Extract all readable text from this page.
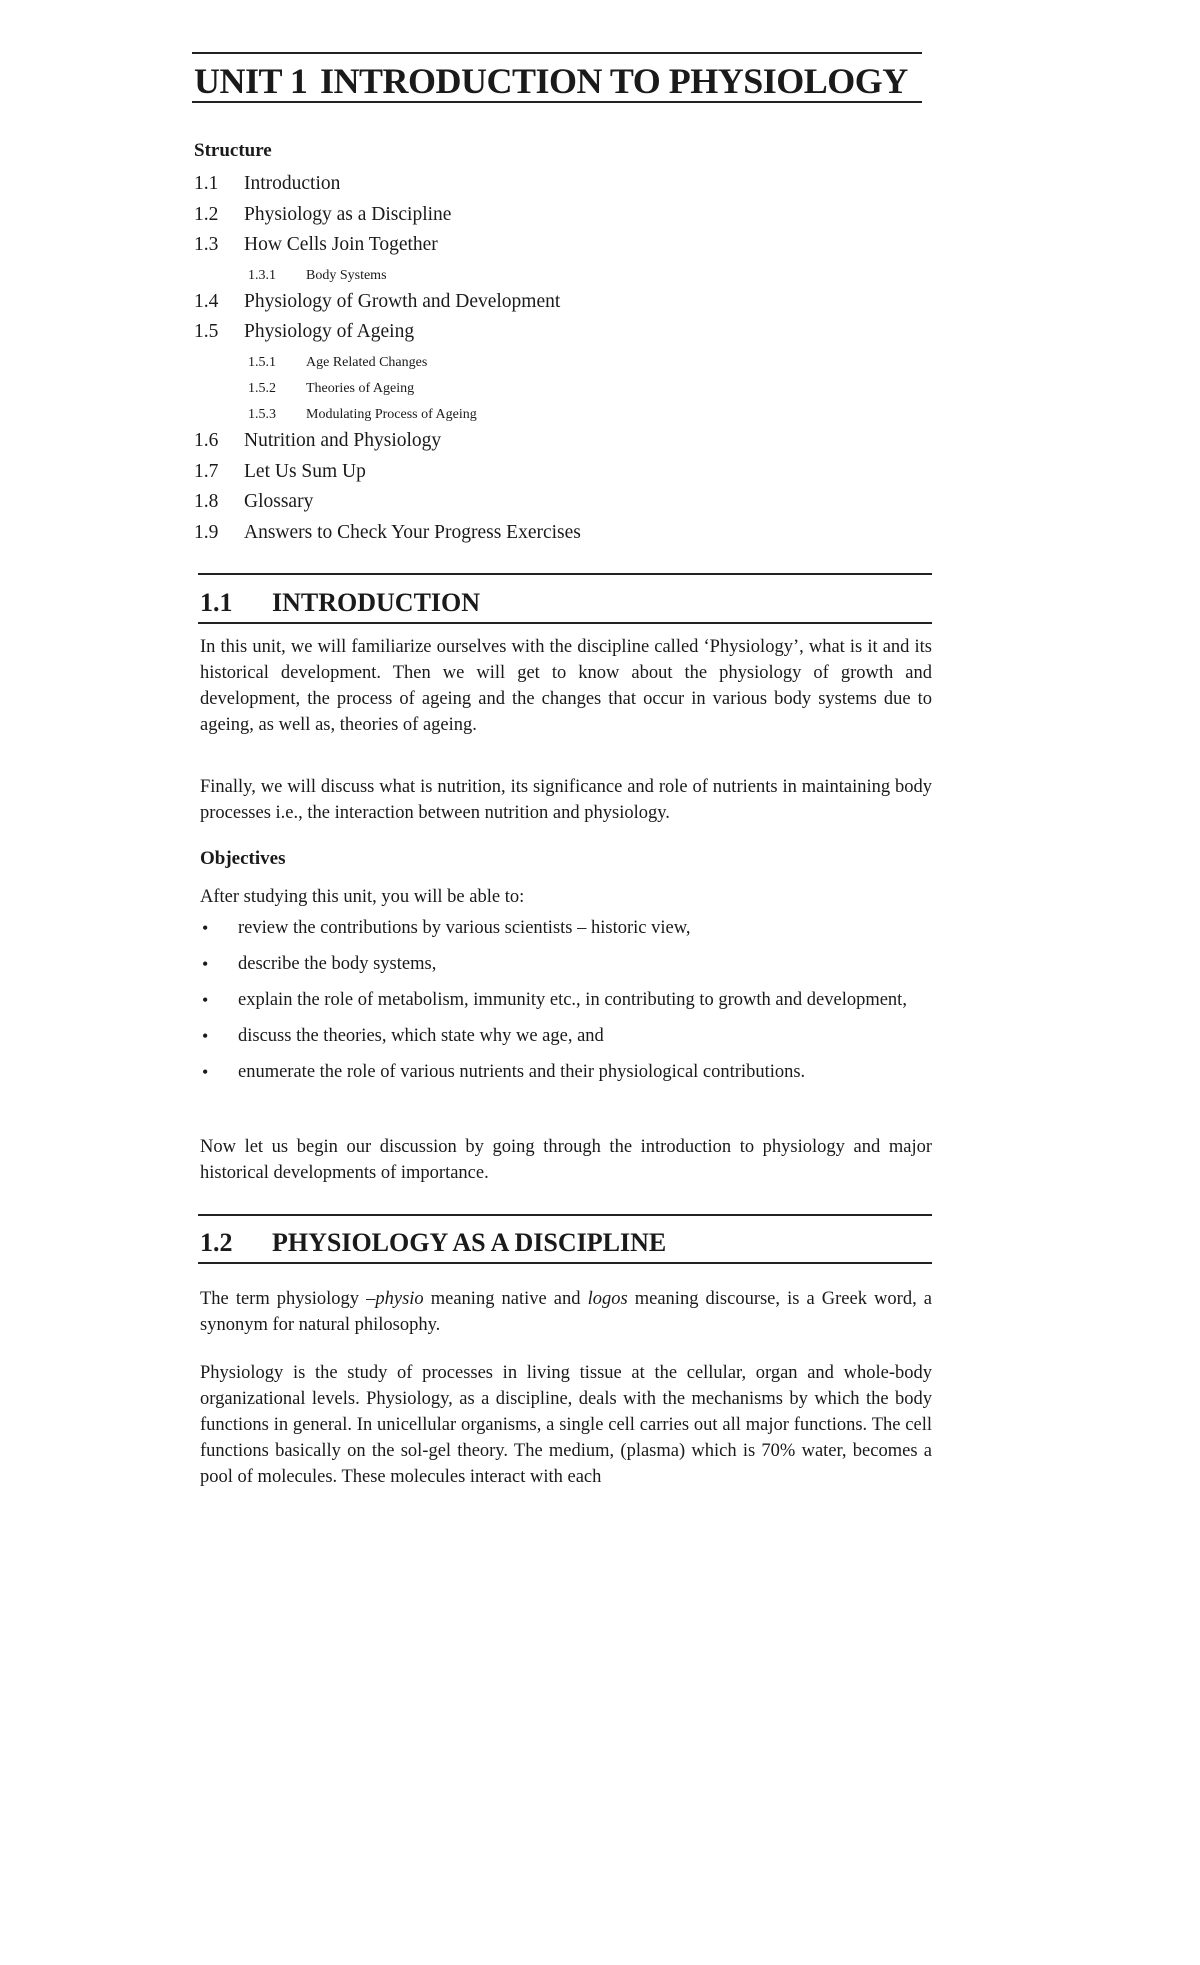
UNIT 1 INTRODUCTION TO PHYSIOLOGY
Structure
1.1 Introduction
1.2 Physiology as a Discipline
1.3 How Cells Join Together
1.3.1 Body Systems
1.4 Physiology of Growth and Development
1.5 Physiology of Ageing
1.5.1 Age Related Changes
1.5.2 Theories of Ageing
1.5.3 Modulating Process of Ageing
1.6 Nutrition and Physiology
1.7 Let Us Sum Up
1.8 Glossary
1.9 Answers to Check Your Progress Exercises
1.1 INTRODUCTION

In this unit, we will familiarize ourselves with the discipline called ‘Physiology’, what is it and its historical development. Then we will get to know about the physiology of growth and development, the process of ageing and the changes that occur in various body systems due to ageing, as well as, theories of ageing.

Finally, we will discuss what is nutrition, its significance and role of nutrients in maintaining body processes i.e., the interaction between nutrition and physiology.

Objectives

After studying this unit, you will be able to:

• review the contributions by various scientists – historic view,
• describe the body systems,
• explain the role of metabolism, immunity etc., in contributing to growth and development,
• discuss the theories, which state why we age, and
• enumerate the role of various nutrients and their physiological contributions.

Now let us begin our discussion by going through the introduction to physiology and major historical developments of importance.

1.2 PHYSIOLOGY AS A DISCIPLINE

The term physiology –physio meaning native and logos meaning discourse, is a Greek word, a synonym for natural philosophy.

Physiology is the study of processes in living tissue at the cellular, organ and whole-body organizational levels. Physiology, as a discipline, deals with the mechanisms by which the body functions in general. In unicellular organisms, a single cell carries out all major functions. The cell functions basically on the sol-gel theory. The medium, (plasma) which is 70% water, becomes a pool of molecules. These molecules interact with each
